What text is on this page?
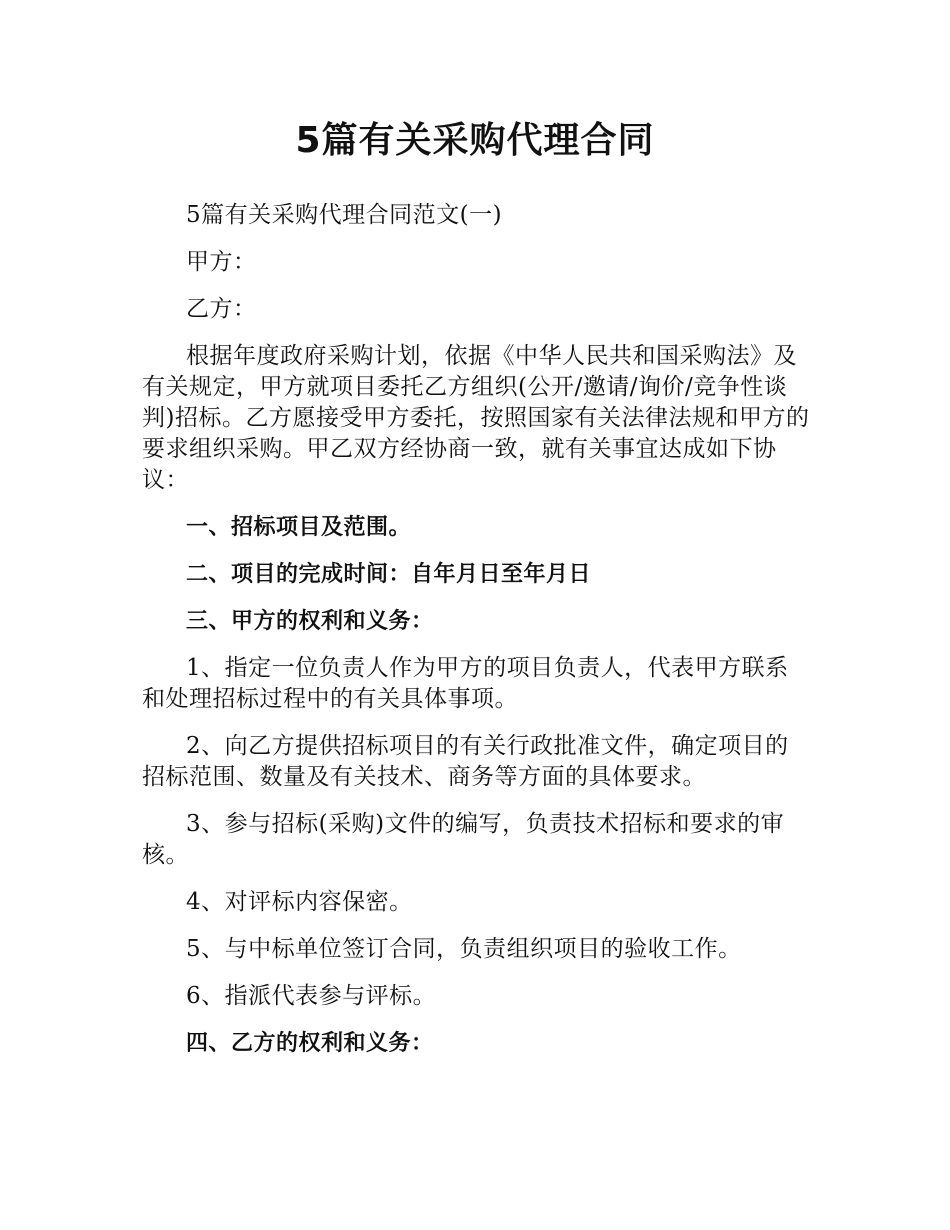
5篇有关采购代理合同

5篇有关采购代理合同范文(一)

甲方：

乙方：

根据年度政府采购计划，依据《中华人民共和国采购法》及有关规定，甲方就项目委托乙方组织(公开/邀请/询价/竞争性谈判)招标。乙方愿接受甲方委托，按照国家有关法律法规和甲方的要求组织采购。甲乙双方经协商一致，就有关事宜达成如下协议：

一、招标项目及范围。

二、项目的完成时间：自年月日至年月日

三、甲方的权利和义务：

1、指定一位负责人作为甲方的项目负责人，代表甲方联系和处理招标过程中的有关具体事项。

2、向乙方提供招标项目的有关行政批准文件，确定项目的招标范围、数量及有关技术、商务等方面的具体要求。

3、参与招标(采购)文件的编写，负责技术招标和要求的审核。

4、对评标内容保密。

5、与中标单位签订合同，负责组织项目的验收工作。

6、指派代表参与评标。

四、乙方的权利和义务：
